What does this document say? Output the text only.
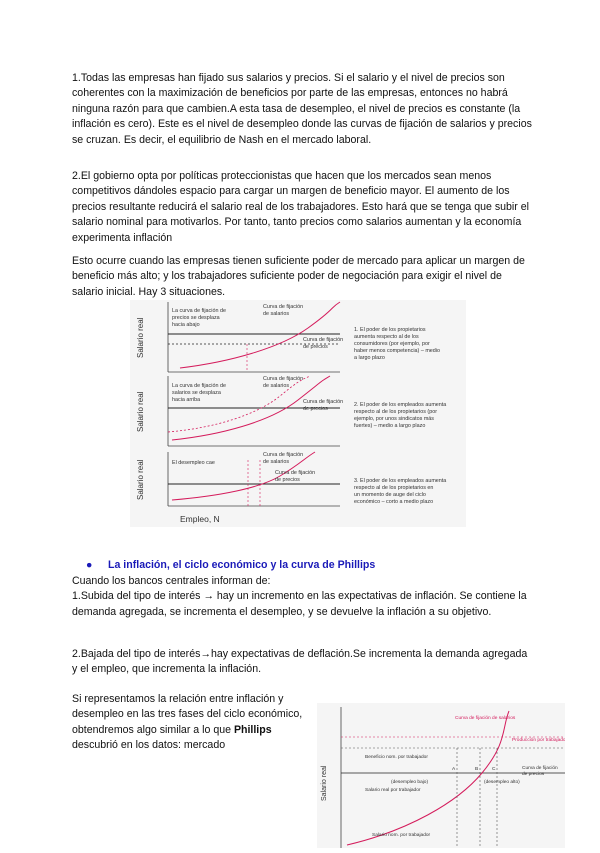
1.Todas las empresas han fijado sus salarios y precios. Si el salario y el nivel de precios son coherentes con la maximización de beneficios por parte de las empresas, entonces no habrá ninguna razón para que cambien.A esta tasa de desempleo, el nivel de precios es constante (la inflación es cero). Este es el nivel de desempleo donde las curvas de fijación de salarios y precios se cruzan. Es decir, el equilibrio de Nash en el mercado laboral.

2.El gobierno opta por políticas proteccionistas que hacen que los mercados sean menos competitivos dándoles espacio para cargar un margen de beneficio mayor. El aumento de los precios resultante reducirá el salario real de los trabajadores. Esto hará que se tenga que subir el salario nominal para motivarlos. Por tanto, tanto precios como salarios aumentan y la economía experimenta inflación

Esto ocurre cuando las empresas tienen suficiente poder de mercado para aplicar un margen de beneficio más alto; y los trabajadores suficiente poder de negociación para exigir el nivel de salario inicial. Hay 3 situaciones.

La curva de fijación de
precios se desplaza
hacia abajo
Curva de fijación
de salarios
Curva de fijación
de precios
1. El poder de los propietarios
aumenta respecto al de los
consumidores (por ejemplo, por
haber menos competencia) – medio
a largo plazo
La curva de fijación de
salarios se desplaza
hacia arriba
Curva de fijación
de salarios
Curva de fijación
de precios
2. El poder de los empleados aumenta
respecto al de los propietarios (por
ejemplo, por unos sindicatos más
fuertes) – medio a largo plazo
El desempleo cae
Curva de fijación
de salarios
Curva de fijación
de precios	3. El poder de los empleados aumenta
respecto al de los propietarios en
un momento de auge del ciclo
económico – corto a medio plazo
Salario real
Salario real
Salario real
Empleo, N
● La inflación, el ciclo económico y la curva de Phillips

Cuando los bancos centrales informan de:
1.Subida del tipo de interés → hay un incremento en las expectativas de inflación. Se contiene la demanda agregada, se incrementa el desempleo, y se devuelve la inflación a su objetivo.

2.Bajada del tipo de interés→hay expectativas de deflación.Se incrementa la demanda agregada y el empleo, que incrementa la inflación.

Si representamos la relación entre inflación y desempleo en las tres fases del ciclo económico, obtendremos algo similar a lo que Phillips descubrió en los datos: mercado

Curva de fijación de salarios
Producción por trabajador
Beneficio nom. por trabajador
Salario real por trabajador
Curva de fijación
de precios
(desempleo bajo)	(desempleo alto)
A	B	C
Salario nom. por trabajador
Salario real
